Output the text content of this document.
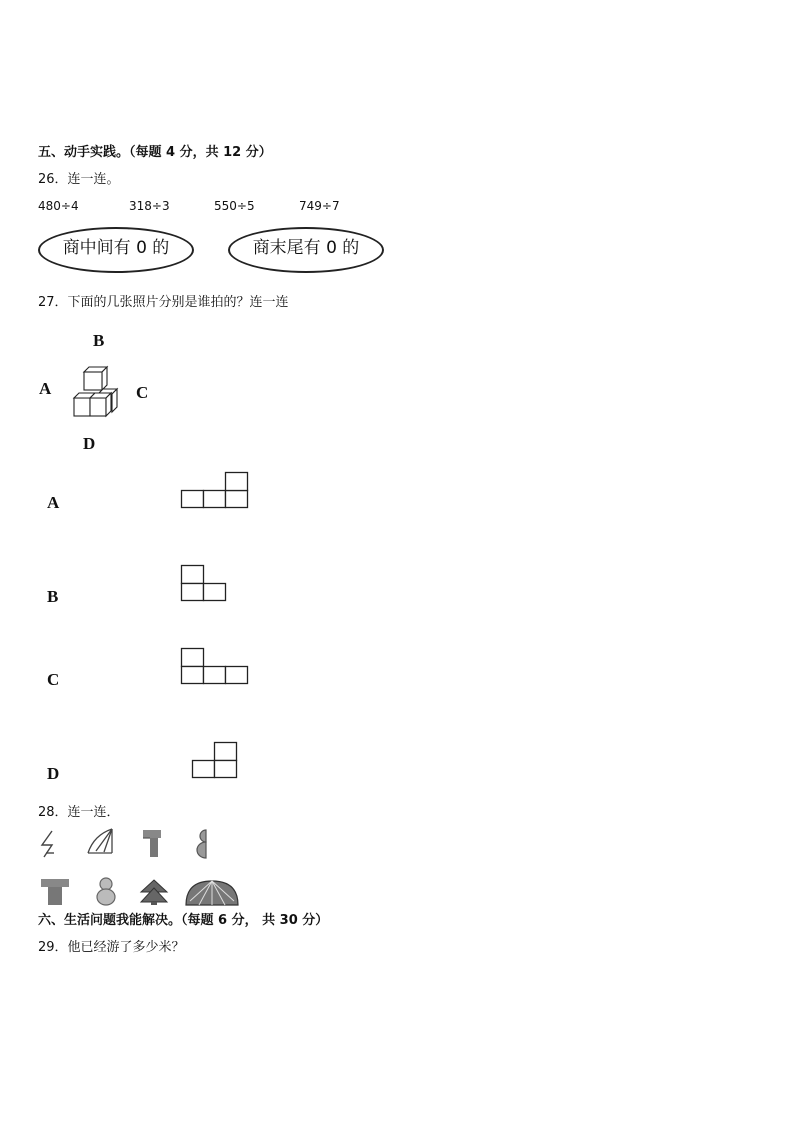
五、动手实践。（每题 4 分，共 12 分）
26．连一连。
480÷4	318÷3	550÷5	749÷7
商中间有 0 的	商末尾有 0 的
27．下面的几张照片分别是谁拍的？连一连
B
A	C
D
A
B
C
D
28．连一连．
六、生活问题我能解决。（每题 6 分， 共 30 分）
29．他已经游了多少米？
